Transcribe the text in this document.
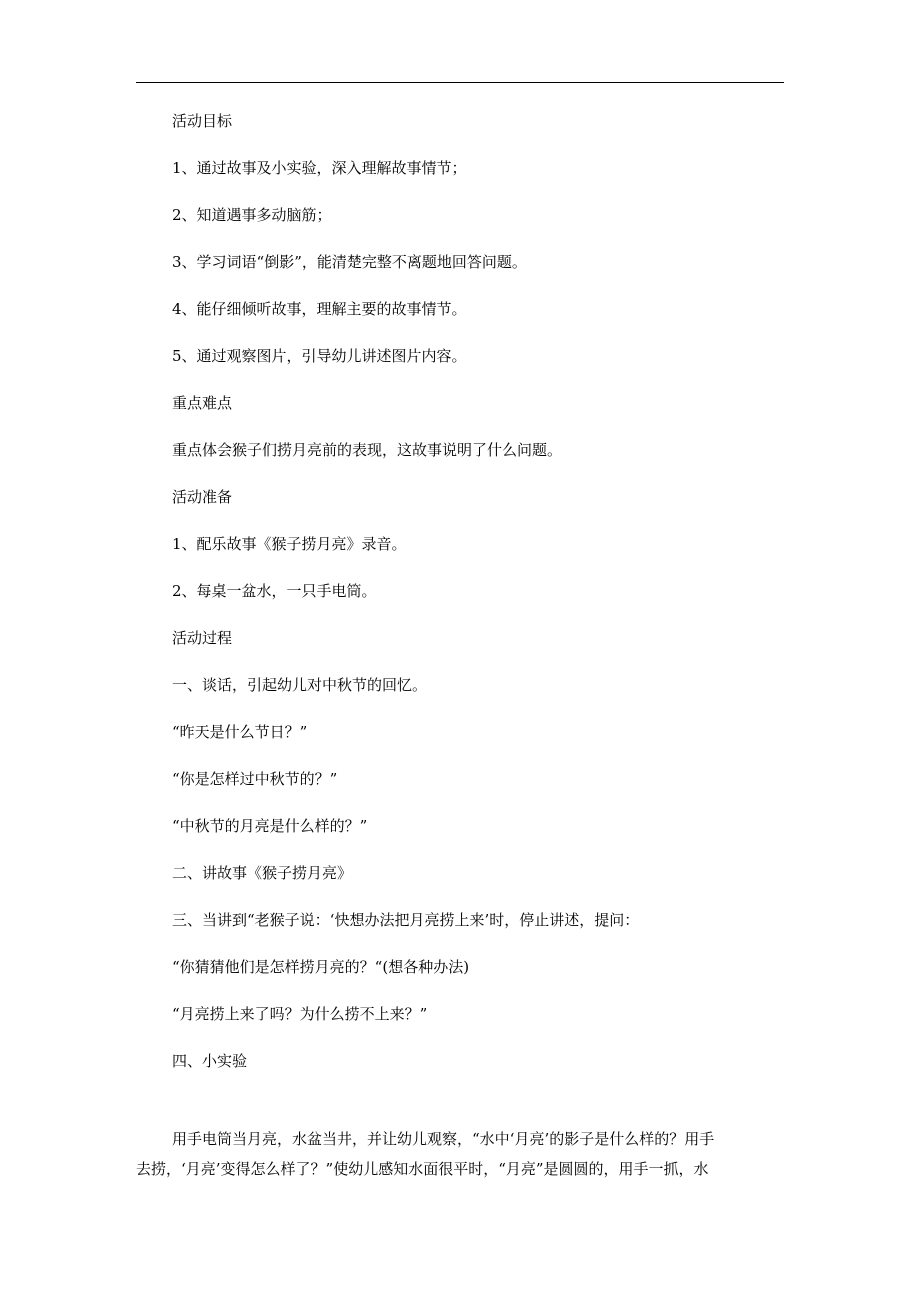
活动目标
1、通过故事及小实验，深入理解故事情节；
2、知道遇事多动脑筋；
3、学习词语“倒影”，能清楚完整不离题地回答问题。
4、能仔细倾听故事，理解主要的故事情节。
5、通过观察图片，引导幼儿讲述图片内容。
重点难点
重点体会猴子们捞月亮前的表现，这故事说明了什么问题。
活动准备
1、配乐故事《猴子捞月亮》录音。
2、每桌一盆水，一只手电筒。
活动过程
一、谈话，引起幼儿对中秋节的回忆。
“昨天是什么节日？”
“你是怎样过中秋节的？”
“中秋节的月亮是什么样的？”
二、讲故事《猴子捞月亮》
三、当讲到“老猴子说：‘快想办法把月亮捞上来’时，停止讲述，提问：
“你猜猜他们是怎样捞月亮的？“(想各种办法)
“月亮捞上来了吗？为什么捞不上来？”
四、小实验
用手电筒当月亮，水盆当井，并让幼儿观察，“水中‘月亮’的影子是什么样的？用手
去捞，‘月亮’变得怎么样了？”使幼儿感知水面很平时，“月亮”是圆圆的，用手一抓，水
